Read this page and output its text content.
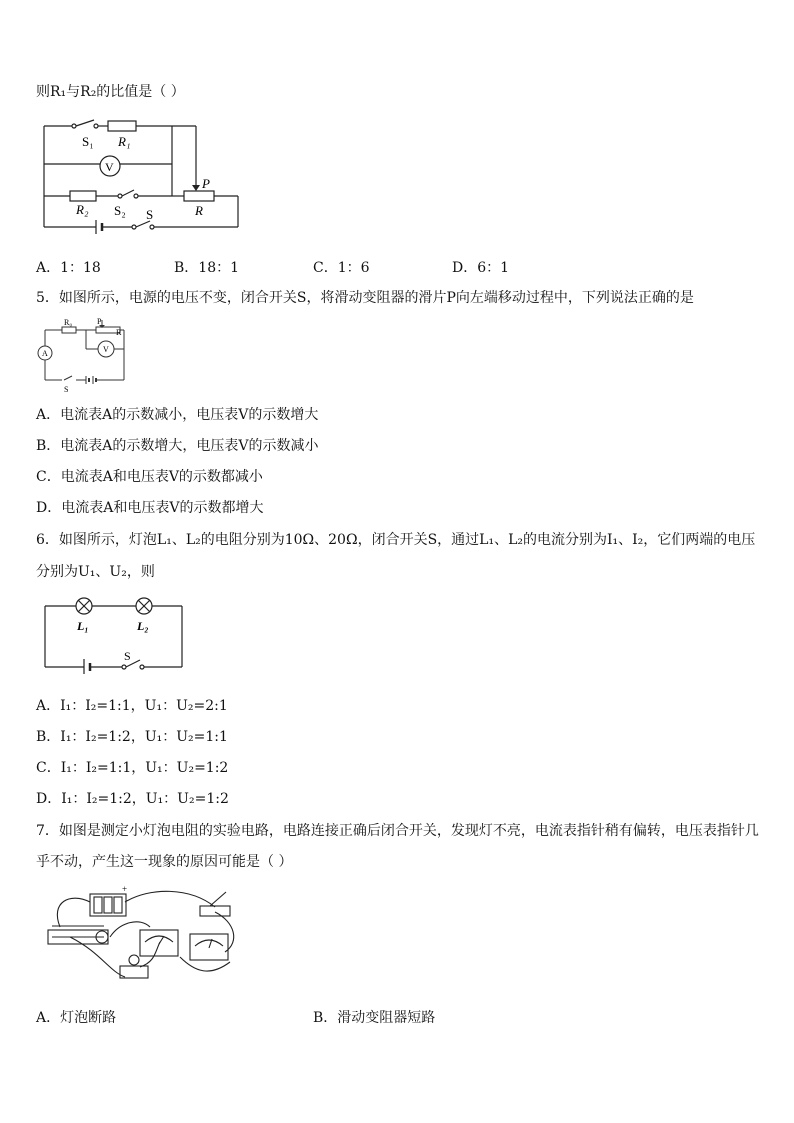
则R₁与R₂的比值是（ ）
S₁ R₁
V
R₂ S₂ S
P
R
A．1：18	B．18：1	C．1：6	D．6：1
5．如图所示，电源的电压不变，闭合开关S，将滑动变阻器的滑片P向左端移动过程中，下列说法正确的是
R₀	P
R
A	V
S
A．电流表A的示数减小，电压表V的示数增大
B．电流表A的示数增大，电压表V的示数减小
C．电流表A和电压表V的示数都减小
D．电流表A和电压表V的示数都增大
6．如图所示，灯泡L₁、L₂的电阻分别为10Ω、20Ω，闭合开关S，通过L₁、L₂的电流分别为I₁、I₂，它们两端的电压
分别为U₁、U₂，则
L₁	L₂
S
A．I₁：I₂=1:1，U₁：U₂=2:1
B．I₁：I₂=1:2，U₁：U₂=1:1
C．I₁：I₂=1:1，U₁：U₂=1:2
D．I₁：I₂=1:2，U₁：U₂=1:2
7．如图是测定小灯泡电阻的实验电路，电路连接正确后闭合开关，发现灯不亮，电流表指针稍有偏转，电压表指针几
乎不动，产生这一现象的原因可能是（ ）
+
A．灯泡断路	B．滑动变阻器短路
